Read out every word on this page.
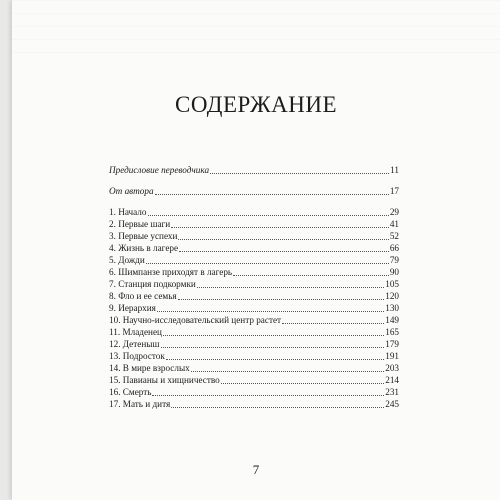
СОДЕРЖАНИЕ
Предисловие переводчика	11
От автора	17
1. Начало	29
2. Первые шаги	41
3. Первые успехи	52
4. Жизнь в лагере	66
5. Дожди	79
6. Шимпанзе приходят в лагерь	90
7. Станция подкормки	105
8. Фло и ее семья	120
9. Иерархия	130
10. Научно-исследовательский центр растет	149
11. Младенец	165
12. Детеныш	179
13. Подросток	191
14. В мире взрослых	203
15. Павианы и хищничество	214
16. Смерть	231
17. Мать и дитя	245
7
